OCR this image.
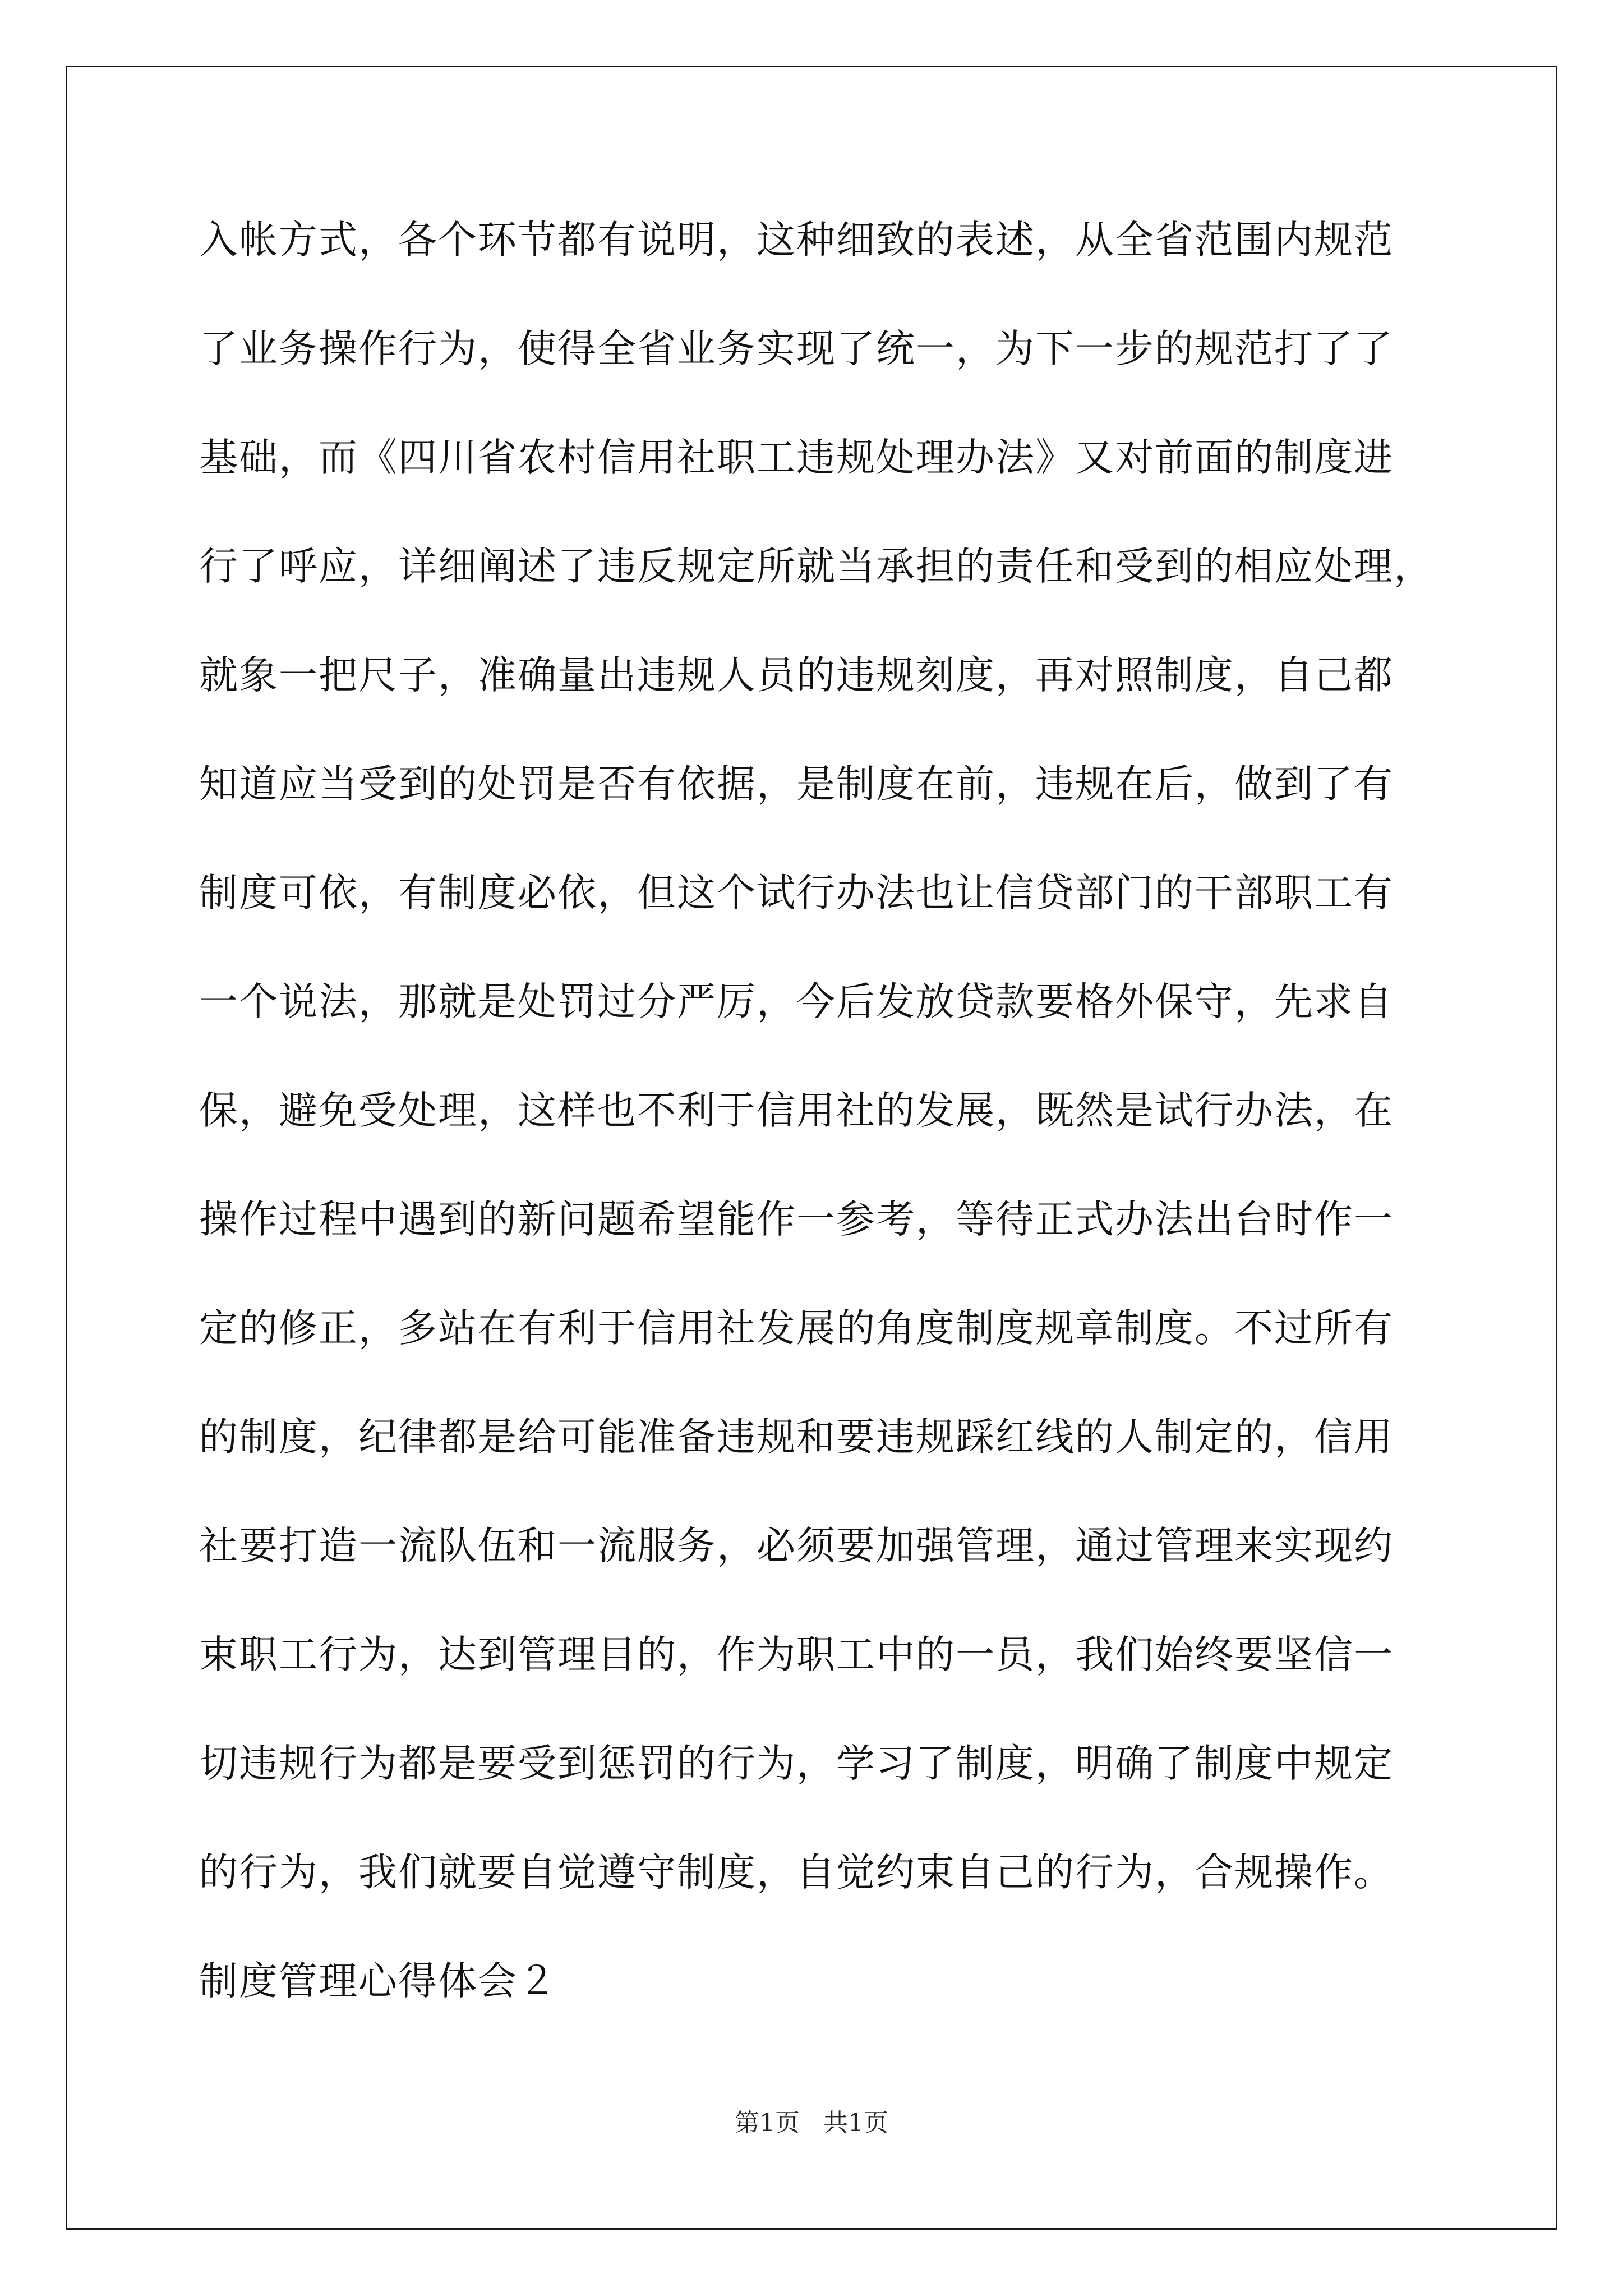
入帐方式，各个环节都有说明，这种细致的表述，从全省范围内规范
了业务操作行为，使得全省业务实现了统一，为下一步的规范打了了
基础，而《四川省农村信用社职工违规处理办法》又对前面的制度进
行了呼应，详细阐述了违反规定所就当承担的责任和受到的相应处理，
就象一把尺子，准确量出违规人员的违规刻度，再对照制度，自己都
知道应当受到的处罚是否有依据，是制度在前，违规在后，做到了有
制度可依，有制度必依，但这个试行办法也让信贷部门的干部职工有
一个说法，那就是处罚过分严厉，今后发放贷款要格外保守，先求自
保，避免受处理，这样也不利于信用社的发展，既然是试行办法，在
操作过程中遇到的新问题希望能作一参考，等待正式办法出台时作一
定的修正，多站在有利于信用社发展的角度制度规章制度。不过所有
的制度，纪律都是给可能准备违规和要违规踩红线的人制定的，信用
社要打造一流队伍和一流服务，必须要加强管理，通过管理来实现约
束职工行为，达到管理目的，作为职工中的一员，我们始终要坚信一
切违规行为都是要受到惩罚的行为，学习了制度，明确了制度中规定
的行为，我们就要自觉遵守制度，自觉约束自己的行为，合规操作。
制度管理心得体会２
第1页 共1页
